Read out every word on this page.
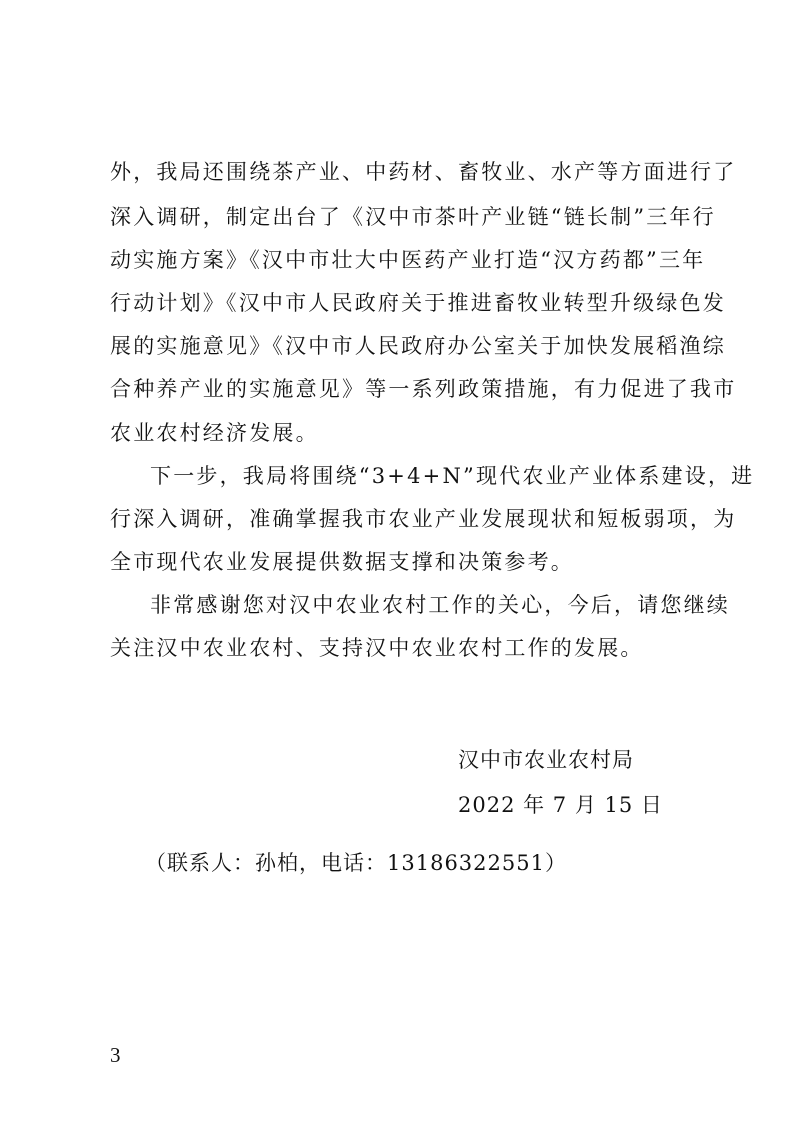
外，我局还围绕茶产业、中药材、畜牧业、水产等方面进行了
深入调研，制定出台了《汉中市茶叶产业链“链长制”三年行
动实施方案》《汉中市壮大中医药产业打造“汉方药都”三年
行动计划》《汉中市人民政府关于推进畜牧业转型升级绿色发
展的实施意见》《汉中市人民政府办公室关于加快发展稻渔综
合种养产业的实施意见》等一系列政策措施，有力促进了我市
农业农村经济发展。
下一步，我局将围绕“3+4+N”现代农业产业体系建设，进
行深入调研，准确掌握我市农业产业发展现状和短板弱项，为
全市现代农业发展提供数据支撑和决策参考。
非常感谢您对汉中农业农村工作的关心，今后，请您继续
关注汉中农业农村、支持汉中农业农村工作的发展。
汉中市农业农村局
2022 年 7 月 15 日
（联系人：孙柏，电话：13186322551）
3
